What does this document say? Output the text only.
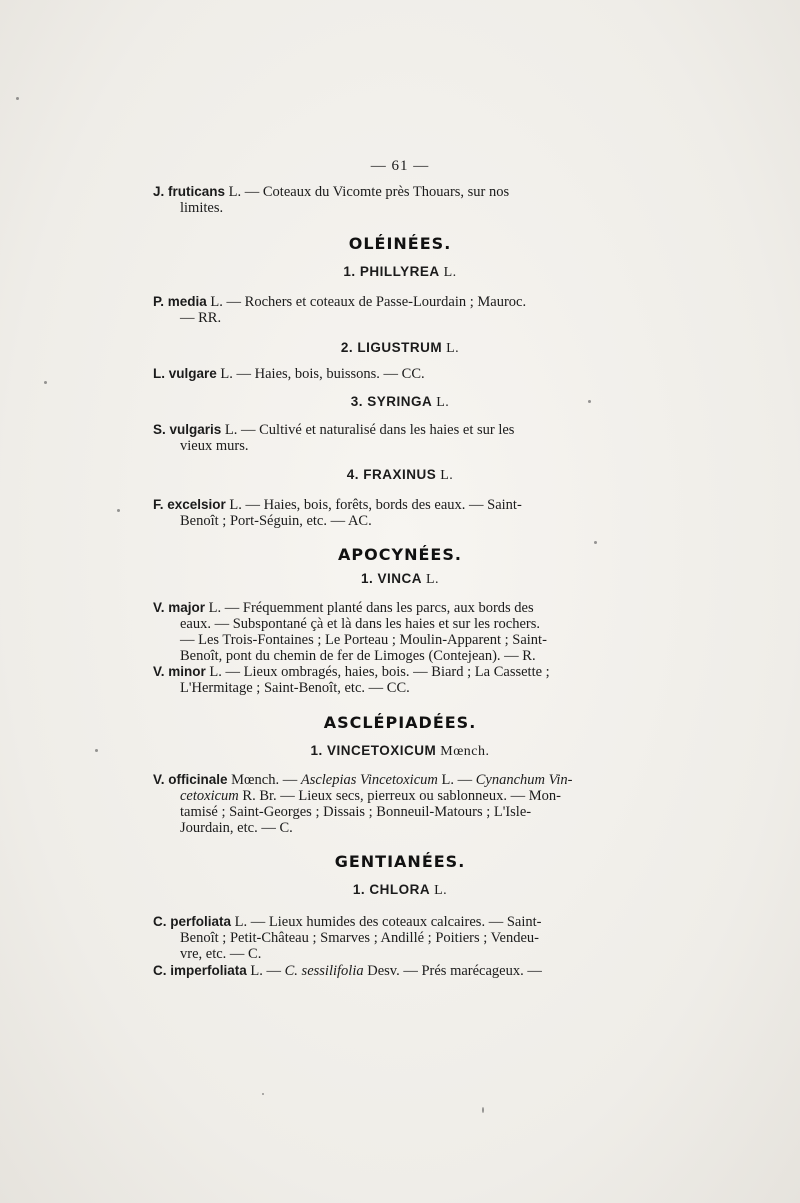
— 61 —
J. fruticans L. — Coteaux du Vicomte près Thouars, sur nos
limites.
OLÉINÉES.
1. PHILLYREA L.
P. media L. — Rochers et coteaux de Passe-Lourdain ; Mauroc.
— RR.
2. LIGUSTRUM L.
L. vulgare L. — Haies, bois, buissons. — CC.
3. SYRINGA L.
S. vulgaris L. — Cultivé et naturalisé dans les haies et sur les
vieux murs.
4. FRAXINUS L.
F. excelsior L. — Haies, bois, forêts, bords des eaux. — Saint-
Benoît ; Port-Séguin, etc. — AC.
APOCYNÉES.
1. VINCA L.
V. major L. — Fréquemment planté dans les parcs, aux bords des
eaux. — Subspontané çà et là dans les haies et sur les rochers.
— Les Trois-Fontaines ; Le Porteau ; Moulin-Apparent ; Saint-
Benoît, pont du chemin de fer de Limoges (Contejean). — R.
V. minor L. — Lieux ombragés, haies, bois. — Biard ; La Cassette ;
L'Hermitage ; Saint-Benoît, etc. — CC.
ASCLÉPIADÉES.
1. VINCETOXICUM Mœnch.
V. officinale Mœnch. — Asclepias Vincetoxicum L. — Cynanchum Vin-
cetoxicum R. Br. — Lieux secs, pierreux ou sablonneux. — Mon-
tamisé ; Saint-Georges ; Dissais ; Bonneuil-Matours ; L'Isle-
Jourdain, etc. — C.
GENTIANÉES.
1. CHLORA L.
C. perfoliata L. — Lieux humides des coteaux calcaires. — Saint-
Benoît ; Petit-Château ; Smarves ; Andillé ; Poitiers ; Vendeu-
vre, etc. — C.
C. imperfoliata L. — C. sessilifolia Desv. — Prés marécageux. —
